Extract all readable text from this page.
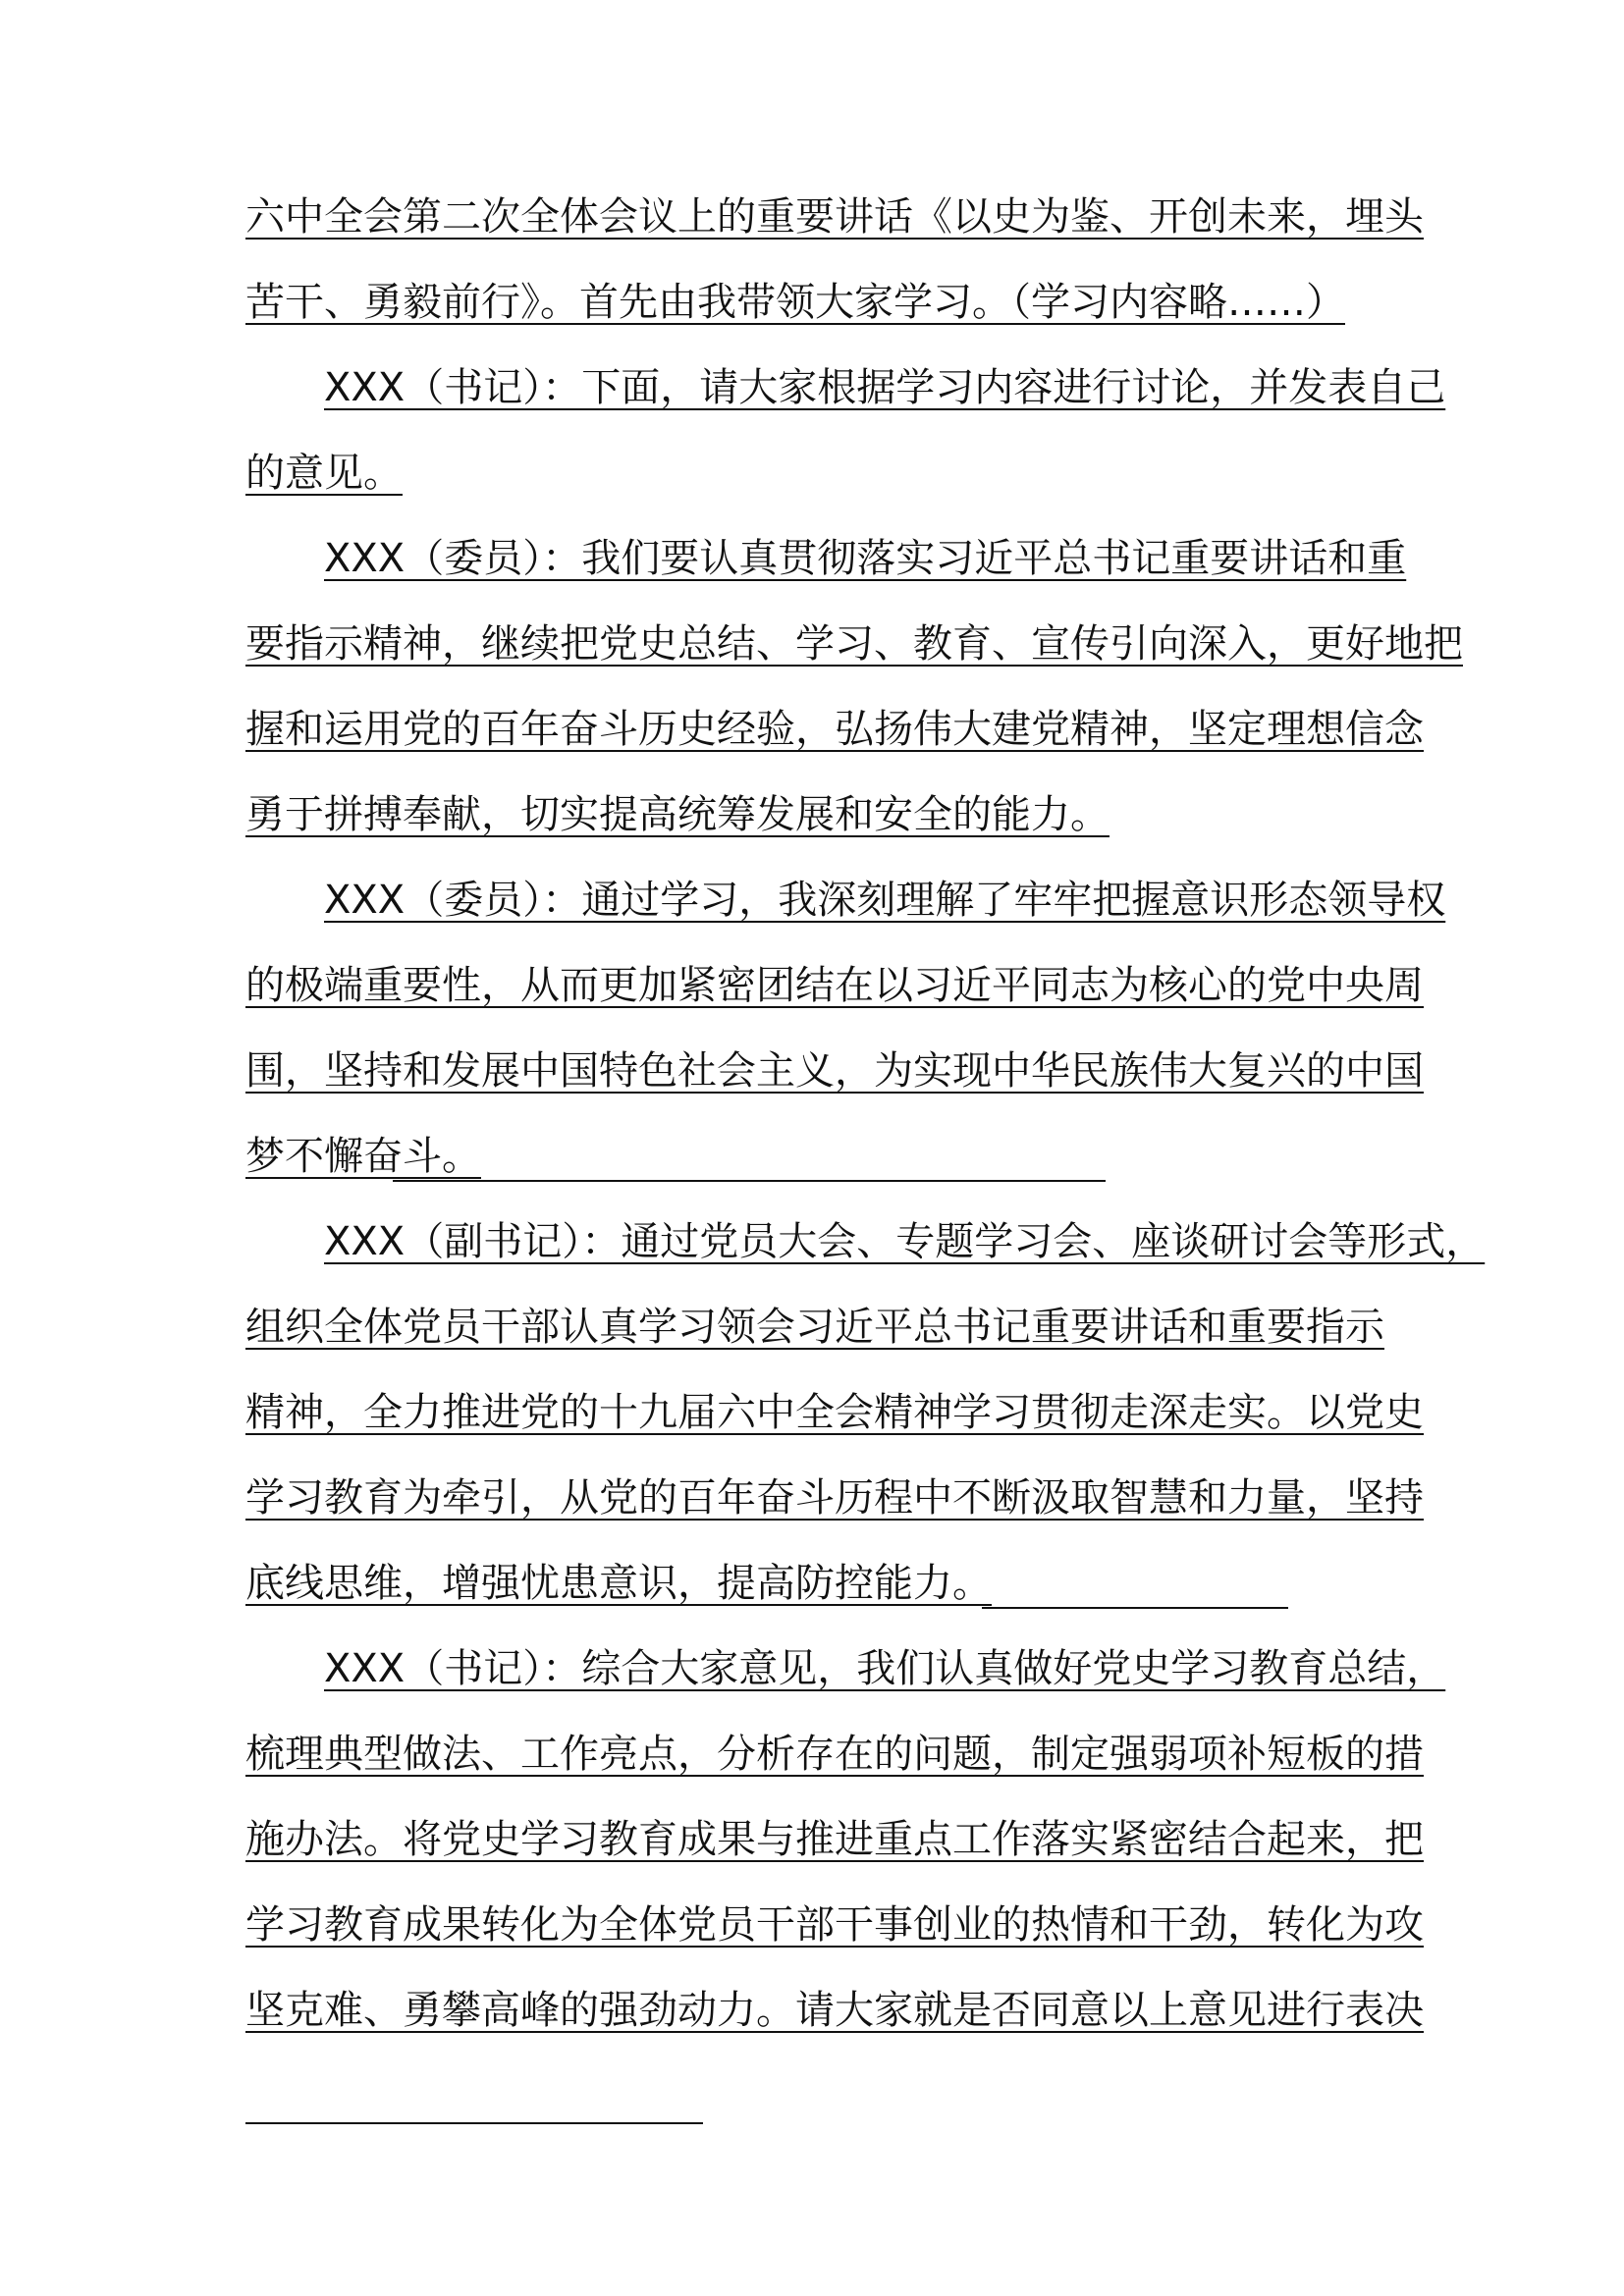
六中全会第二次全体会议上的重要讲话《以史为鉴、开创未来，埋头
苦干、勇毅前行》。首先由我带领大家学习。（学习内容略……）
XXX（书记）：下面，请大家根据学习内容进行讨论，并发表自己
的意见。
XXX（委员）：我们要认真贯彻落实习近平总书记重要讲话和重
要指示精神，继续把党史总结、学习、教育、宣传引向深入，更好地把
握和运用党的百年奋斗历史经验，弘扬伟大建党精神，坚定理想信念
勇于拼搏奉献，切实提高统筹发展和安全的能力。
XXX（委员）：通过学习，我深刻理解了牢牢把握意识形态领导权
的极端重要性，从而更加紧密团结在以习近平同志为核心的党中央周
围，坚持和发展中国特色社会主义，为实现中华民族伟大复兴的中国
梦不懈奋斗。
XXX（副书记）：通过党员大会、专题学习会、座谈研讨会等形式，
组织全体党员干部认真学习领会习近平总书记重要讲话和重要指示
精神，全力推进党的十九届六中全会精神学习贯彻走深走实。以党史
学习教育为牵引，从党的百年奋斗历程中不断汲取智慧和力量，坚持
底线思维，增强忧患意识，提高防控能力。
XXX（书记）：综合大家意见，我们认真做好党史学习教育总结，
梳理典型做法、工作亮点，分析存在的问题，制定强弱项补短板的措
施办法。将党史学习教育成果与推进重点工作落实紧密结合起来，把
学习教育成果转化为全体党员干部干事创业的热情和干劲，转化为攻
坚克难、勇攀高峰的强劲动力。请大家就是否同意以上意见进行表决
